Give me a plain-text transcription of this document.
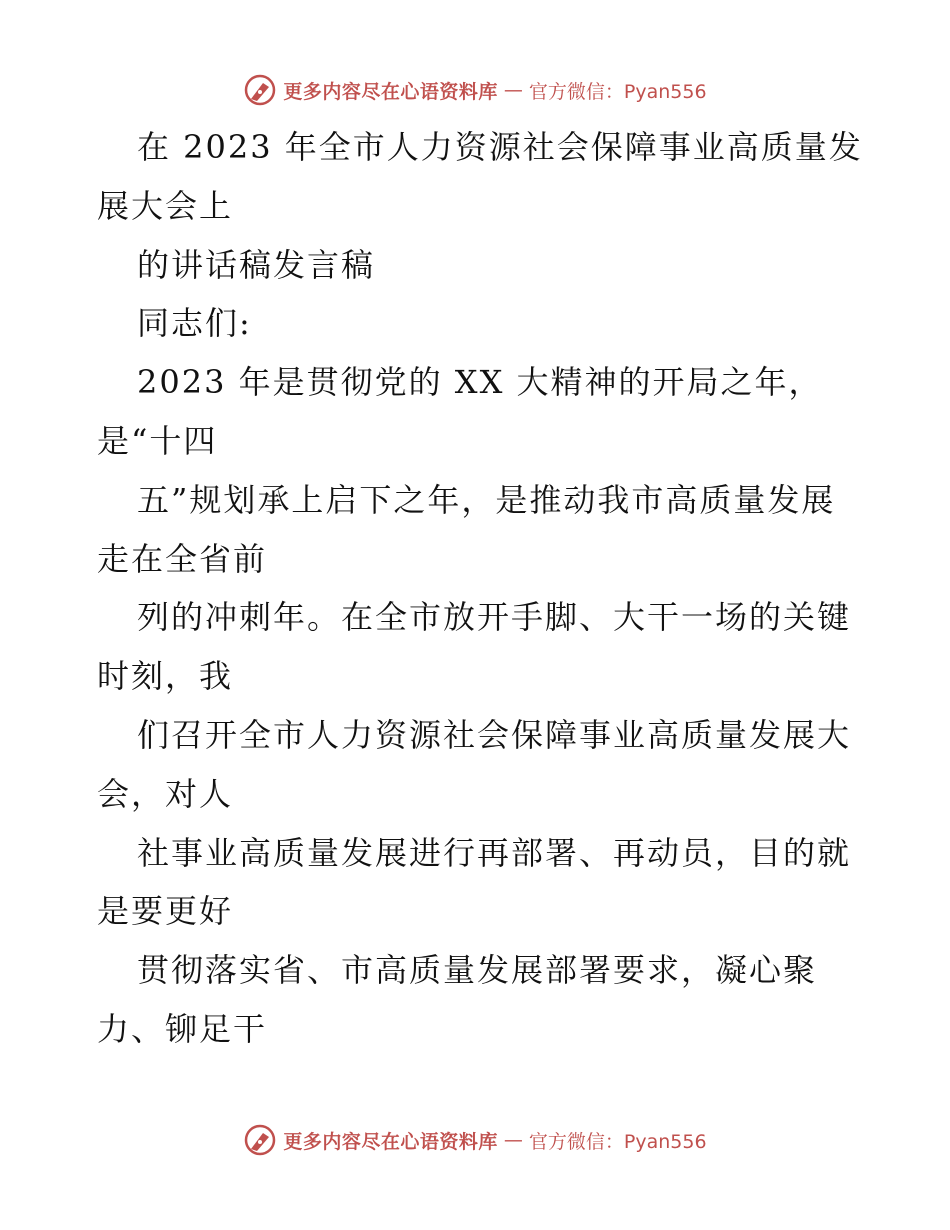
更多内容尽在心语资料库 — 官方微信：Pyan556
在 2023 年全市人力资源社会保障事业高质量发
展大会上
的讲话稿发言稿
同志们:
2023 年是贯彻党的 XX 大精神的开局之年，
是“十四
五”规划承上启下之年，是推动我市高质量发展
走在全省前
列的冲刺年。在全市放开手脚、大干一场的关键
时刻，我
们召开全市人力资源社会保障事业高质量发展大
会，对人
社事业高质量发展进行再部署、再动员，目的就
是要更好
贯彻落实省、市高质量发展部署要求，凝心聚
力、铆足干
更多内容尽在心语资料库 — 官方微信：Pyan556
